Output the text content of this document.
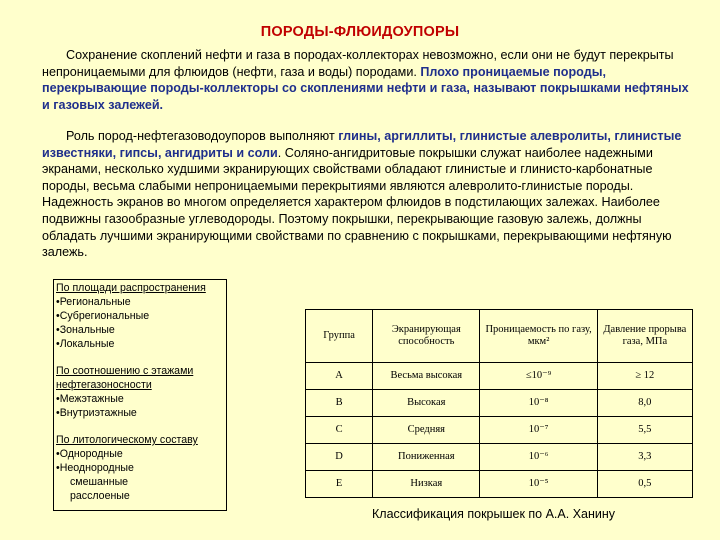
ПОРОДЫ-ФЛЮИДОУПОРЫ
Сохранение скоплений нефти и газа в породах-коллекторах невозможно, если они не будут перекрыты непроницаемыми для флюидов (нефти, газа и воды) породами. Плохо проницаемые породы, перекрывающие породы-коллекторы со скоплениями нефти и газа, называют покрышками нефтяных и газовых залежей.
Роль пород-нефтегазоводоупоров выполняют глины, аргиллиты, глинистые алевролиты, глинистые известняки, гипсы, ангидриты и соли. Соляно-ангидритовые покрышки служат наиболее надежными экранами, несколько худшими экранирующих свойствами обладают глинистые и глинисто-карбонатные породы, весьма слабыми непроницаемыми перекрытиями являются алевролито-глинистые породы. Надежность экранов во многом определяется характером флюидов в подстилающих залежах. Наиболее подвижны газообразные углеводороды. Поэтому покрышки, перекрывающие газовую залежь, должны обладать лучшими экранирующими свойствами по сравнению с покрышками, перекрывающими нефтяную залежь.
По площади распространения
•Региональные
•Субрегиональные
•Зональные
•Локальные
По соотношению с этажами нефтегазоносности
•Межэтажные
•Внутриэтажные
По литологическому составу
•Однородные
•Неоднородные
смешанные
расслоеные
Группа	Экранирующая способность	Проницаемость по газу, мкм²	Давление прорыва газа, МПа
А	Весьма высокая	≤10⁻⁹	≥ 12
В	Высокая	10⁻⁸	8,0
С	Средняя	10⁻⁷	5,5
D	Пониженная	10⁻⁶	3,3
Е	Низкая	10⁻⁵	0,5
Классификация покрышек по А.А. Ханину
